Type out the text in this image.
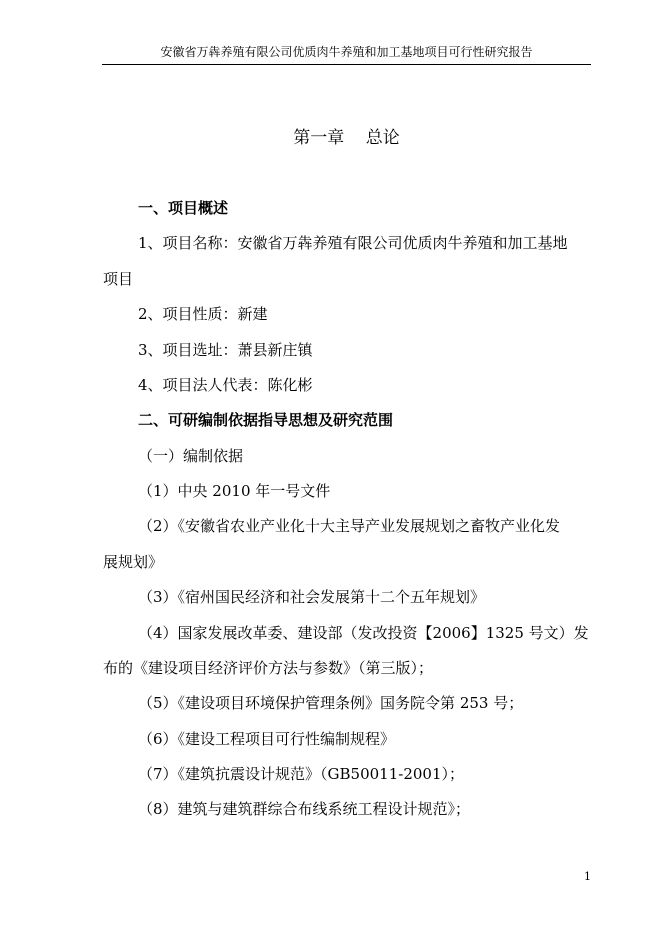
安徽省万犇养殖有限公司优质肉牛养殖和加工基地项目可行性研究报告
第一章 总论
一、项目概述
1、项目名称：安徽省万犇养殖有限公司优质肉牛养殖和加工基地
项目
2、项目性质：新建
3、项目选址：萧县新庄镇
4、项目法人代表：陈化彬
二、可研编制依据指导思想及研究范围
（一）编制依据
（1）中央 2010 年一号文件
（2）《安徽省农业产业化十大主导产业发展规划之畜牧产业化发
展规划》
（3）《宿州国民经济和社会发展第十二个五年规划》
（4）国家发展改革委、建设部（发改投资【2006】1325 号文）发
布的《建设项目经济评价方法与参数》（第三版）；
（5）《建设项目环境保护管理条例》国务院令第 253 号；
（6）《建设工程项目可行性编制规程》
（7）《建筑抗震设计规范》（GB50011-2001）；
（8）建筑与建筑群综合布线系统工程设计规范》；
1
